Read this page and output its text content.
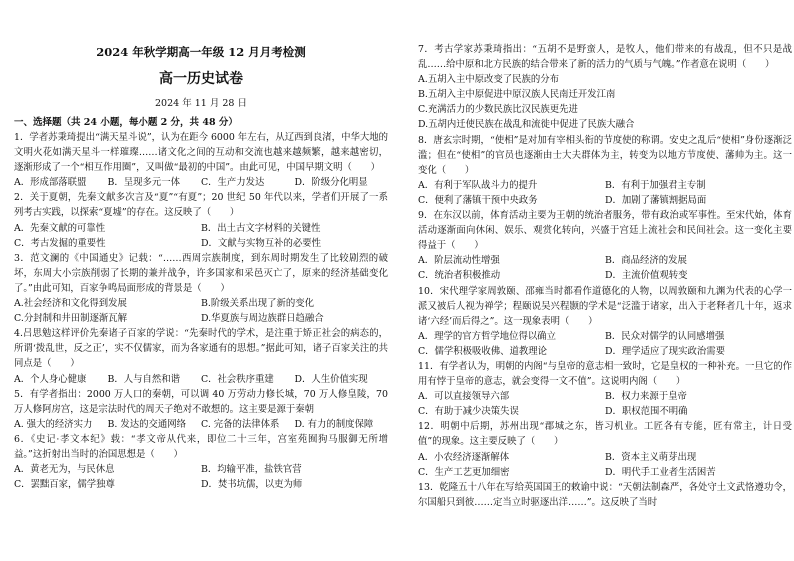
2024 年秋学期高一年级 12 月月考检测
高一历史试卷
2024 年 11 月 28 日
一、选择题（共 24 小题，每小题 2 分，共 48 分）
1．学者苏秉琦提出“满天星斗说”，认为在距今 6000 年左右，从辽西到良渚，中华大地的文明火花如满天星斗一样璀璨……诸文化之间的互动和交流也越来越频繁，越来越密切，逐渐形成了一个“相互作用圈”，又叫做“最初的中国”。由此可见，中国早期文明（　　）
A．形成部落联盟	B．呈现多元一体	C．生产力发达	D．阶级分化明显
2．关于夏朝，先秦文献多次言及“夏”“有夏”；20 世纪 50 年代以来，学者们开展了一系列考古实践，以探索“夏墟”的存在。这反映了（　　）
A．先秦文献的可靠性	B．出土古文字材料的关键性
C．考古发掘的重要性	D．文献与实物互补的必要性
3．范文澜的《中国通史》记载：“……西周宗族制度，到东周时期发生了比较剧烈的破坏，东周大小宗族削弱了长期的兼并战争，许多国家和采邑灭亡了，原来的经济基础变化了。”由此可知，百家争鸣局面形成的背景是（　　）
A.社会经济和文化得到发展	B.阶级关系出现了新的变化
C.分封制和井田制逐渐瓦解	D.华夏族与周边族群日趋融合
4.吕思勉这样评价先秦诸子百家的学说：“先秦时代的学术，是注重于矫正社会的病态的，所谓‘拨乱世，反之正’，实不仅儒家，而为各家通有的思想。”据此可知，诸子百家关注的共同点是（　　）
A．个人身心健康	B．人与自然和谐	C．社会秩序重建	D．人生价值实现
5．有学者指出：2000 万人口的秦朝，可以调 40 万劳动力修长城，70 万人修皇陵，70 万人修阿房宫，这是宗法时代的周天子绝对不敢想的。这主要是源于秦朝
A. 强大的经济实力	B. 发达的交通网络	C. 完备的法律体系	D. 有力的制度保障
6．《史记·孝文本纪》载：“孝文帝从代来，即位二十三年，宫室苑囿狗马服御无所增益。”这折射出当时的治国思想是（　　）
A．黄老无为，与民休息	B．均输平准，盐铁官营
C．罢黜百家，儒学独尊	D．焚书坑儒，以吏为师
7．考古学家苏秉琦指出：“五胡不是野蛮人，是牧人，他们带来的有战乱，但不只是战乱……给中原和北方民族的结合带来了新的活力的气质与气魄。”作者意在说明（　　）
A.五胡入主中原改变了民族的分布
B.五胡入主中原促进中原汉族人民南迁开发江南
C.充满活力的少数民族比汉民族更先进
D.五胡内迁使民族在战乱和流徙中促进了民族大融合
8．唐玄宗时期，“使相”是对加有宰相头衔的节度使的称谓。安史之乱后“使相”身份逐渐泛滥；但在“使相”的官员也逐渐由士大夫群体为主，转变为以地方节度使、藩帅为主。这一变化（　　）
A．有利于军队战斗力的提升	B．有利于加强君主专制
C．便利了藩镇干预中央政务	D．加剧了藩镇割据局面
9．在东汉以前，体育活动主要为王朝的统治者服务，带有政治或军事性。至宋代始，体育活动逐渐面向休闲、娱乐、观赏化转向，兴盛于宫廷上流社会和民间社会。这一变化主要得益于（　　）
A．阶层流动性增强	B．商品经济的发展
C．统治者积极推动	D．主流价值观转变
10．宋代理学家周敦颐、邵雍当时都看作道德化的人物，以周敦颐和九渊为代表的心学一派又被后人视为禅学；程颐说吴兴程颢的学术是“泛滥于诸家，出入于老释者几十年，返求诸‘六经’而后得之”。这一现象表明（　　）
A．理学的官方哲学地位得以确立	B．民众对儒学的认同感增强
C．儒学积极吸收佛、道教理论	D．理学适应了现实政治需要
11．有学者认为，明朝的内阁“与皇帝的意志相一致时，它是皇权的一种补充。一旦它的作用有悖于皇帝的意志，就会变得一文不值”。这说明内阁（　　）
A．可以直接领导六部	B．权力来源于皇帝
C．有助于减少决策失误	D．职权范围不明确
12．明朝中后期，苏州出现“郡城之东，皆习机业。工匠各有专能，匠有常主，计日受值”的现象。这主要反映了（　　）
A．小农经济逐渐解体	B．资本主义萌芽出现
C．生产工艺更加细密	D．明代手工业者生活困苦
13．乾隆五十八年在写给英国国王的敕谕中说：“天朝法制森严，各处守土文武恪遵功令，尔国船只到彼……定当立时驱逐出洋……”。这反映了当时
